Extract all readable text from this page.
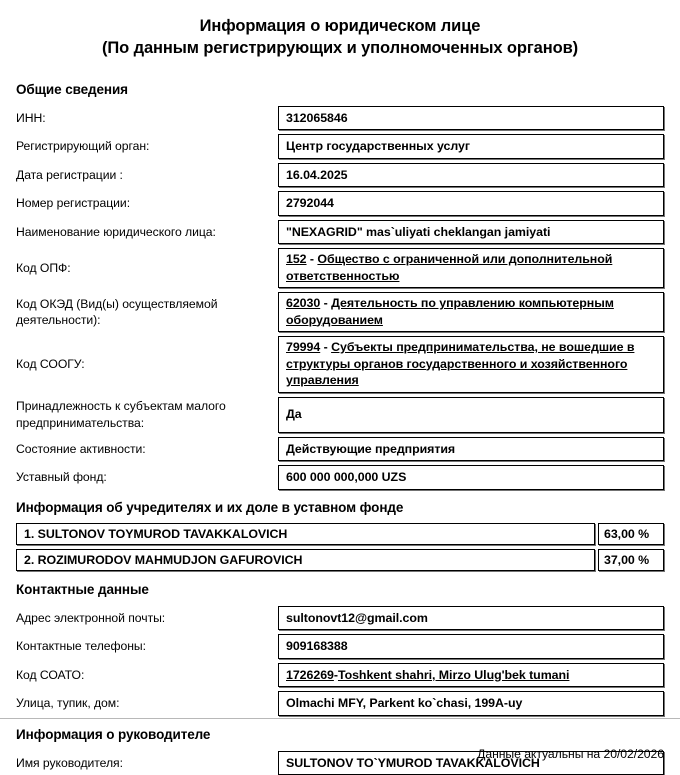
Информация о юридическом лице
(По данным регистрирующих и уполномоченных органов)
Общие сведения
ИНН:	312065846
Регистрирующий орган:	Центр государственных услуг
Дата регистрации :	16.04.2025
Номер регистрации:	2792044
Наименование юридического лица:	"NEXAGRID" mas`uliyati cheklangan jamiyati
Код ОПФ:
152 - Общество с ограниченной или дополнительной ответственностью
Код ОКЭД (Вид(ы) осуществляемой
деятельности):
62030 - Деятельность по управлению компьютерным оборудованием
Код СООГУ:
79994 - Субъекты предпринимательства, не вошедшие в структуры органов государственного и хозяйственного управления
Принадлежность к субъектам малого
предпринимательства:
Да
Состояние активности:	Действующие предприятия
Уставный фонд:	600 000 000,000 UZS
Информация об учредителях и их доле в уставном фонде
1. SULTONOV TOYMUROD TAVAKKALOVICH	63,00 %
2. ROZIMURODOV MAHMUDJON GAFUROVICH	37,00 %
Контактные данные
Адрес электронной почты:	sultonovt12@gmail.com
Контактные телефоны:	909168388
Код СОАТО:	1726269 - Toshkent shahri, Mirzo Ulug'bek tumani
Улица, тупик, дом:	Olmachi MFY, Parkent ko`chasi, 199A-uy
Информация о руководителе
Имя руководителя:	SULTONOV TO`YMUROD TAVAKKALOVICH
Данные актуальны на 20/02/2026
